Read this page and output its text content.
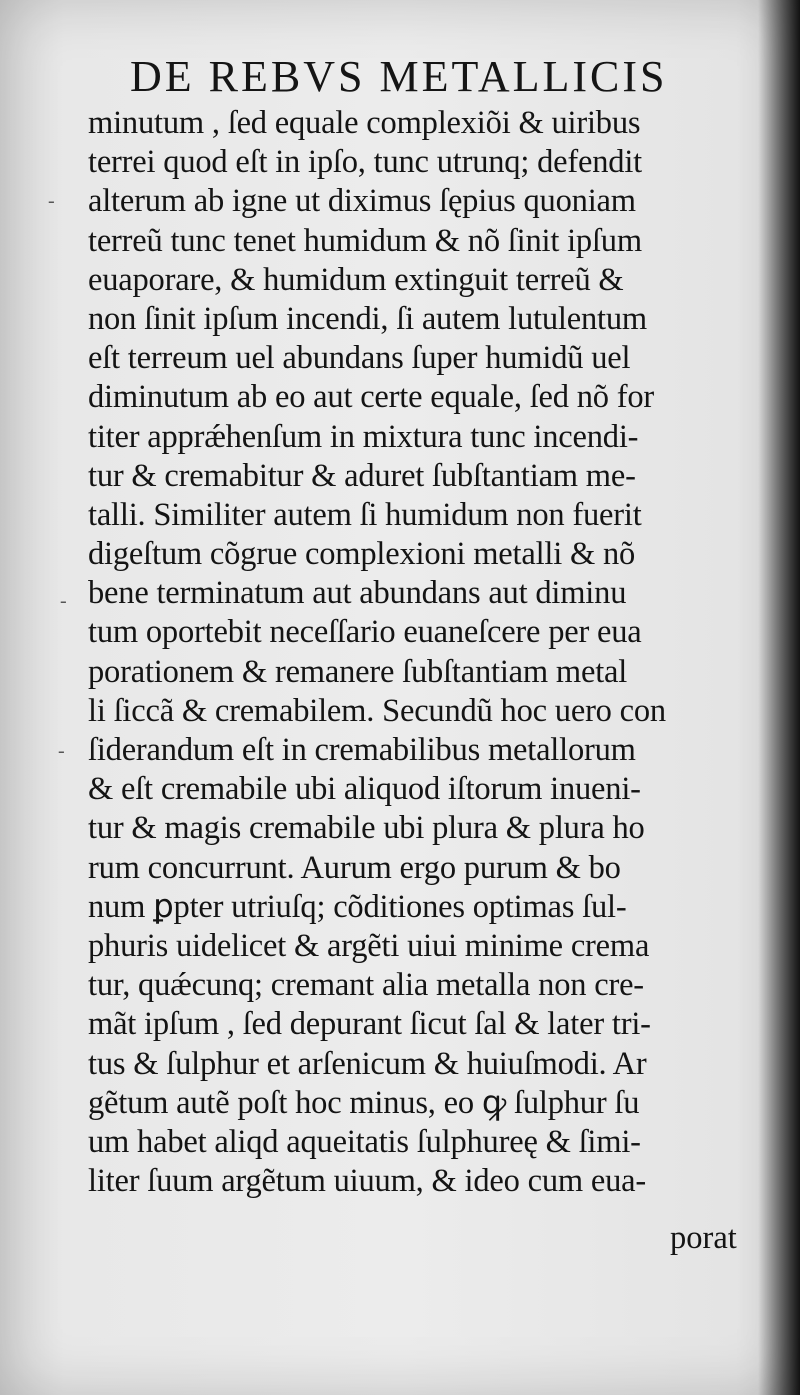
DE REBVS METALLICIS
minutum , ſed equale complexiõi & uiribus
terrei quod eſt in ipſo, tunc utrunq; defendit
alterum ab igne ut diximus ſępius quoniam
terreũ tunc tenet humidum & nõ ſinit ipſum
euaporare, & humidum extinguit terreũ &
non ſinit ipſum incendi, ſi autem lutulentum
eſt terreum uel abundans ſuper humidũ uel
diminutum ab eo aut certe equale, ſed nõ for
titer apprǽhenſum in mixtura tunc incendi-
tur & cremabitur & aduret ſubſtantiam me-
talli. Similiter autem ſi humidum non fuerit
digeſtum cõgrue complexioni metalli & nõ
bene terminatum aut abundans aut diminu
tum oportebit neceſſario euaneſcere per eua
porationem & remanere ſubſtantiam metal
li ſiccã & cremabilem. Secundũ hoc uero con
ſiderandum eſt in cremabilibus metallorum
& eſt cremabile ubi aliquod iſtorum inueni-
tur & magis cremabile ubi plura & plura ho
rum concurrunt. Aurum ergo purum & bo
num ꝑpter utriuſq; cõditiones optimas ſul-
phuris uidelicet & argẽti uiui minime crema
tur, quǽcunq; cremant alia metalla non cre-
mãt ipſum , ſed depurant ſicut ſal & later tri-
tus & ſulphur et arſenicum & huiuſmodi. Ar
gẽtum autẽ poſt hoc minus, eo ꝙ ſulphur ſu
um habet aliqd aqueitatis ſulphureę & ſimi-
liter ſuum argẽtum uiuum, & ideo cum eua-
porat
-
-
-
